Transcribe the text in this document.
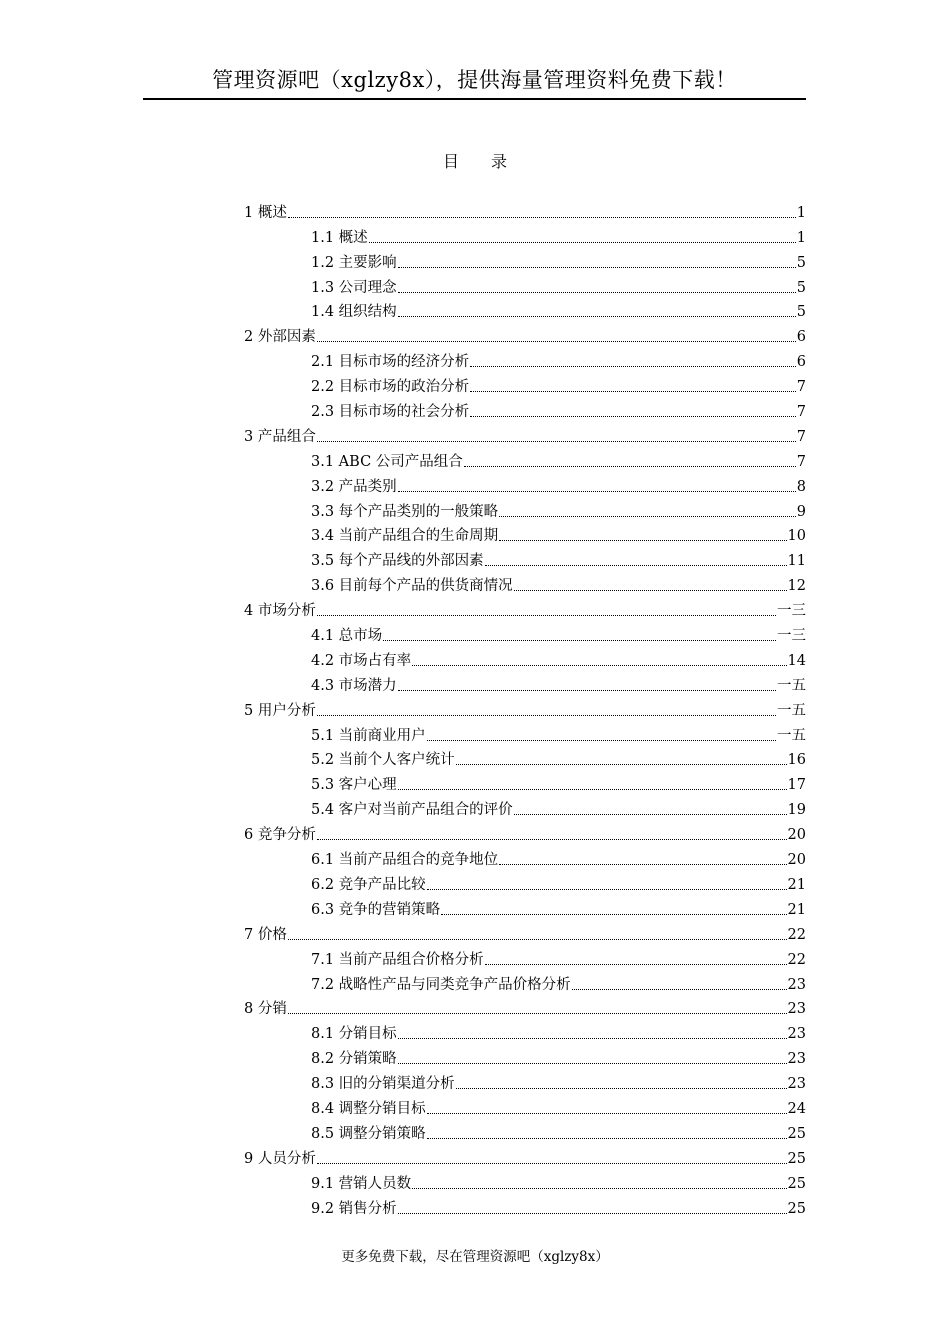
管理资源吧（xglzy8x），提供海量管理资料免费下载！
目　　录
1 概述	1
1.1 概述	1
1.2 主要影响	5
1.3 公司理念	5
1.4 组织结构	5
2 外部因素	6
2.1 目标市场的经济分析	6
2.2 目标市场的政治分析	7
2.3 目标市场的社会分析	7
3 产品组合	7
3.1 ABC 公司产品组合	7
3.2 产品类别	8
3.3 每个产品类别的一般策略	9
3.4 当前产品组合的生命周期	10
3.5 每个产品线的外部因素	11
3.6 目前每个产品的供货商情况	12
4 市场分析	一三
4.1 总市场	一三
4.2 市场占有率	14
4.3 市场潜力	一五
5 用户分析	一五
5.1 当前商业用户	一五
5.2 当前个人客户统计	16
5.3 客户心理	17
5.4 客户对当前产品组合的评价	19
6 竞争分析	20
6.1 当前产品组合的竞争地位	20
6.2 竞争产品比较	21
6.3 竞争的营销策略	21
7 价格	22
7.1 当前产品组合价格分析	22
7.2 战略性产品与同类竞争产品价格分析	23
8 分销	23
8.1 分销目标	23
8.2 分销策略	23
8.3 旧的分销渠道分析	23
8.4 调整分销目标	24
8.5 调整分销策略	25
9 人员分析	25
9.1 营销人员数	25
9.2 销售分析	25
更多免费下载，尽在管理资源吧（xglzy8x）
